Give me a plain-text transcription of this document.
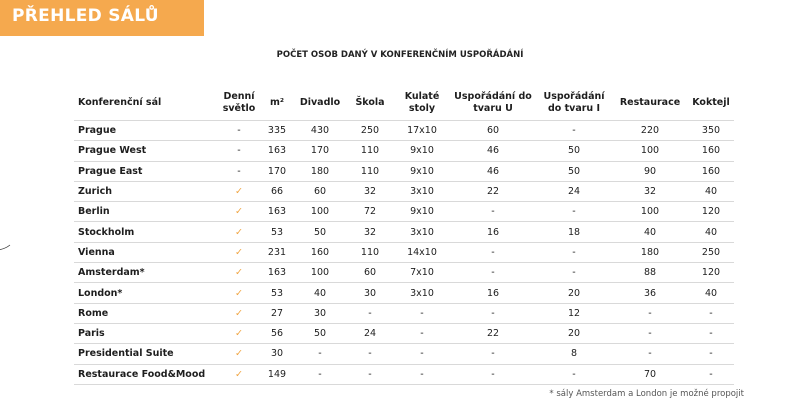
PŘEHLED SÁLŮ
POČET OSOB DANÝ V KONFERENČNÍM USPOŘÁDÁNÍ
Konferenční sál	Denní světlo	m²	Divadlo	Škola	Kulaté stoly	Uspořádání do tvaru U	Uspořádání do tvaru I	Restaurace	Koktejl
Prague	-	335	430	250	17x10	60	-	220	350
Prague West	-	163	170	110	9x10	46	50	100	160
Prague East	-	170	180	110	9x10	46	50	90	160
Zurich	✓	66	60	32	3x10	22	24	32	40
Berlin	✓	163	100	72	9x10	-	-	100	120
Stockholm	✓	53	50	32	3x10	16	18	40	40
Vienna	✓	231	160	110	14x10	-	-	180	250
Amsterdam*	✓	163	100	60	7x10	-	-	88	120
London*	✓	53	40	30	3x10	16	20	36	40
Rome	✓	27	30	-	-	-	12	-	-
Paris	✓	56	50	24	-	22	20	-	-
Presidential Suite	✓	30	-	-	-	-	8	-	-
Restaurace Food&Mood	✓	149	-	-	-	-	-	70	-
* sály Amsterdam a London je možné propojit
